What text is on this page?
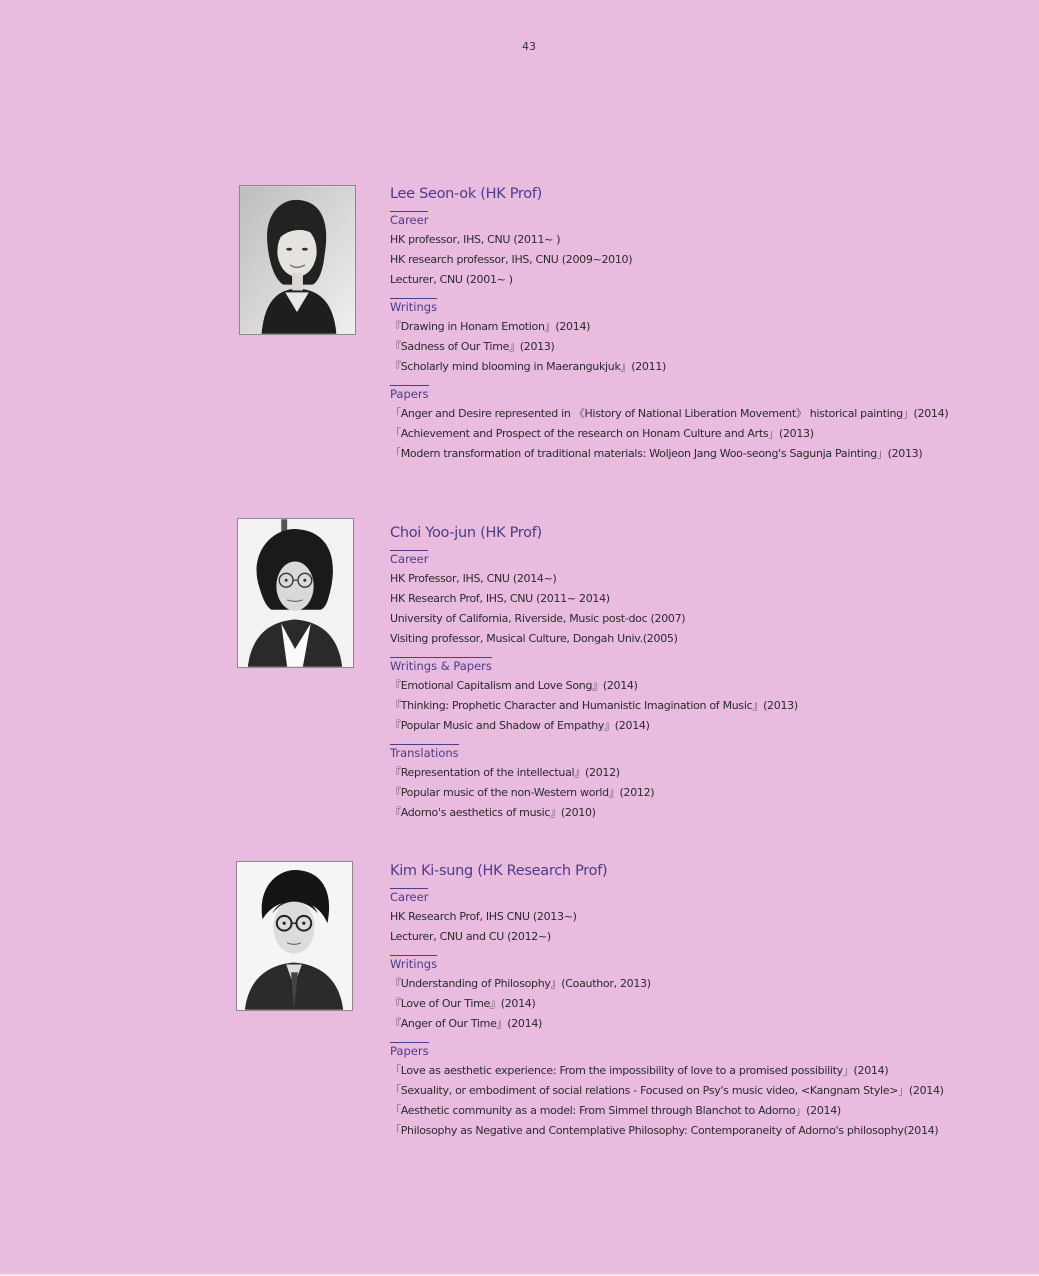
43
Lee Seon-ok (HK Prof)
Career
HK professor, IHS, CNU (2011~ )
HK research professor, IHS, CNU (2009~2010)
Lecturer, CNU (2001~ )
Writings
『Drawing in Honam Emotion』(2014)
『Sadness of Our Time』(2013)
『Scholarly mind blooming in Maerangukjuk』(2011)
Papers
「Anger and Desire represented in 《History of National Liberation Movement》 historical painting」(2014)
「Achievement and Prospect of the research on Honam Culture and Arts」(2013)
「Modern transformation of traditional materials: Woljeon Jang Woo-seong's Sagunja Painting」(2013)
Choi Yoo-jun (HK Prof)
Career
HK Professor, IHS, CNU (2014~)
HK Research Prof, IHS, CNU (2011~ 2014)
University of California, Riverside, Music post-doc (2007)
Visiting professor, Musical Culture, Dongah Univ.(2005)
Writings & Papers
『Emotional Capitalism and Love Song』(2014)
『Thinking: Prophetic Character and Humanistic Imagination of Music』(2013)
『Popular Music and Shadow of Empathy』(2014)
Translations
『Representation of the intellectual』(2012)
『Popular music of the non-Western world』(2012)
『Adorno's aesthetics of music』(2010)
Kim Ki-sung (HK Research Prof)
Career
HK Research Prof, IHS CNU (2013~)
Lecturer, CNU and CU (2012~)
Writings
『Understanding of Philosophy』(Coauthor, 2013)
『Love of Our Time』(2014)
『Anger of Our Time』(2014)
Papers
「Love as aesthetic experience: From the impossibility of love to a promised possibility」(2014)
「Sexuality, or embodiment of social relations - Focused on Psy's music video, <Kangnam Style>」(2014)
「Aesthetic community as a model: From Simmel through Blanchot to Adorno」(2014)
「Philosophy as Negative and Contemplative Philosophy: Contemporaneity of Adorno's philosophy(2014)
